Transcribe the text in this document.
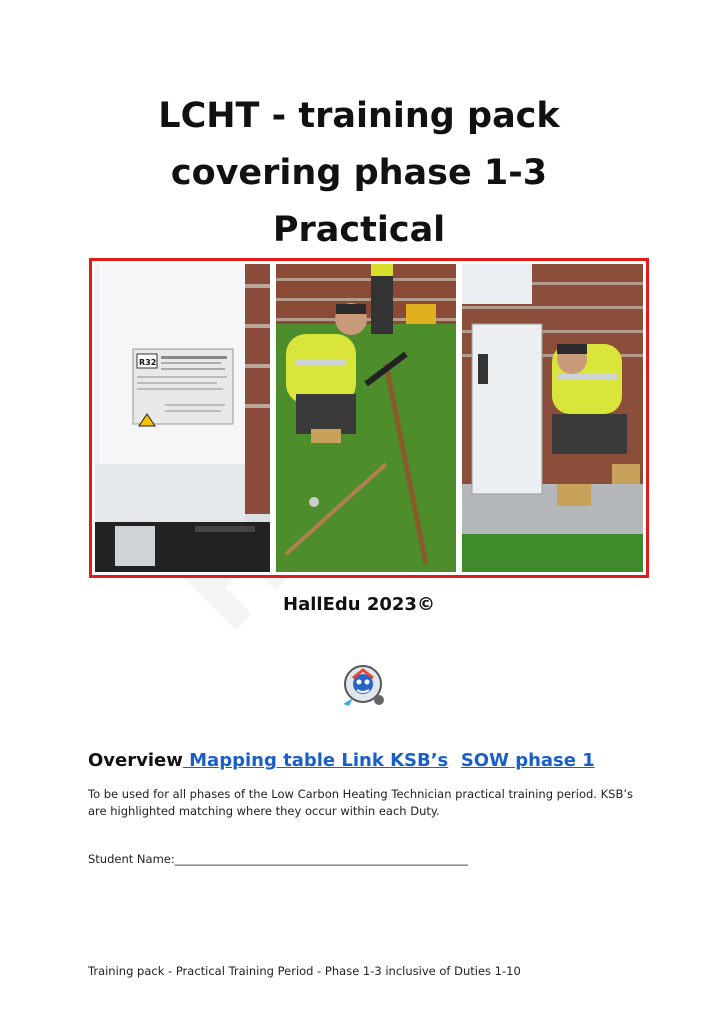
LCHT - training pack
covering phase 1-3
Practical
R32
HallEdu 2023©
Overview Mapping table Link KSB’s SOW phase 1
To be used for all phases of the Low Carbon Heating Technician practical training period. KSB’s are highlighted matching where they occur within each Duty.
Student Name:___________________________________________________
Training pack - Practical Training Period - Phase 1-3 inclusive of Duties 1-10
